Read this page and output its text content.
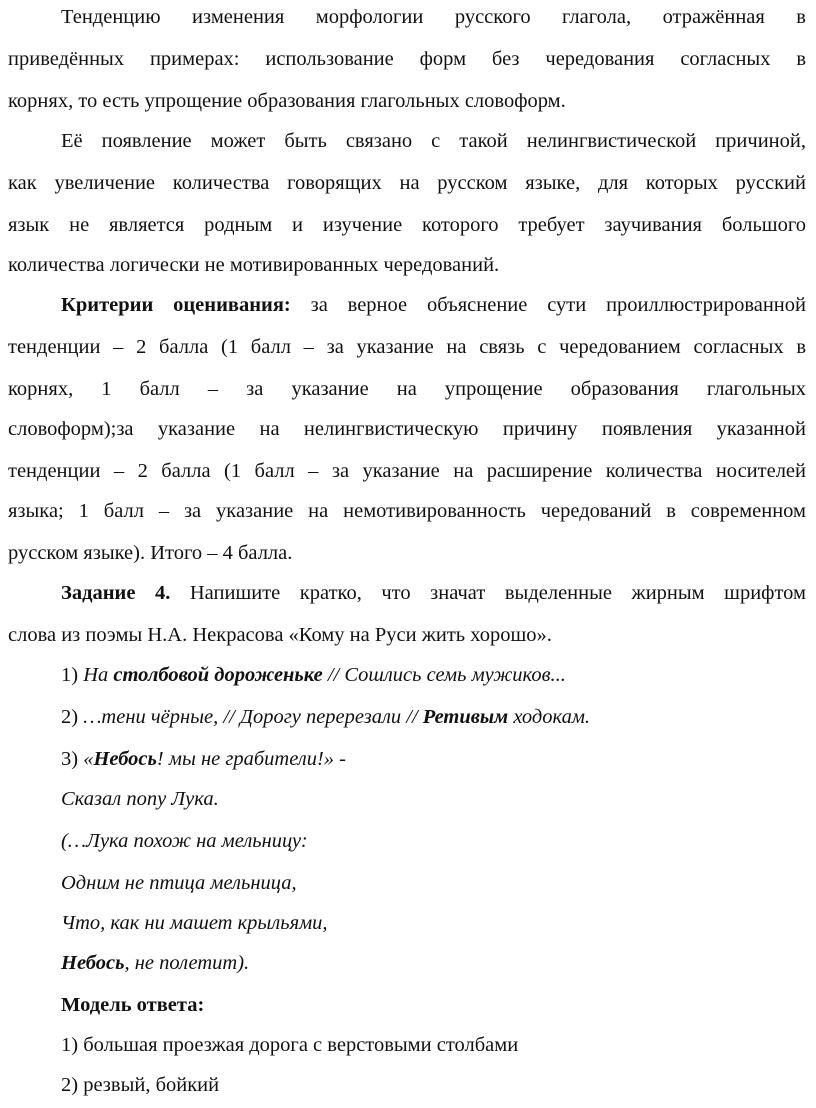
Тенденцию изменения морфологии русского глагола, отражённая в
приведённых примерах: использование форм без чередования согласных в
корнях, то есть упрощение образования глагольных словоформ.
Её появление может быть связано с такой нелингвистической причиной,
как увеличение количества говорящих на русском языке, для которых русский
язык не является родным и изучение которого требует заучивания большого
количества логически не мотивированных чередований.
Критерии оценивания: за верное объяснение сути проиллюстрированной
тенденции – 2 балла (1 балл – за указание на связь с чередованием согласных в
корнях, 1 балл – за указание на упрощение образования глагольных
словоформ);за указание на нелингвистическую причину появления указанной
тенденции – 2 балла (1 балл – за указание на расширение количества носителей
языка; 1 балл – за указание на немотивированность чередований в современном
русском языке). Итого – 4 балла.
Задание 4. Напишите кратко, что значат выделенные жирным шрифтом
слова из поэмы Н.А. Некрасова «Кому на Руси жить хорошо».
1) На столбовой дороженьке // Сошлись семь мужиков...
2) …тени чёрные, // Дорогу перерезали // Ретивым ходокам.
3) «Небось! мы не грабители!» -
Сказал попу Лука.
(…Лука похож на мельницу:
Одним не птица мельница,
Что, как ни машет крыльями,
Небось, не полетит).
Модель ответа:
1) большая проезжая дорога с верстовыми столбами
2) резвый, бойкий
